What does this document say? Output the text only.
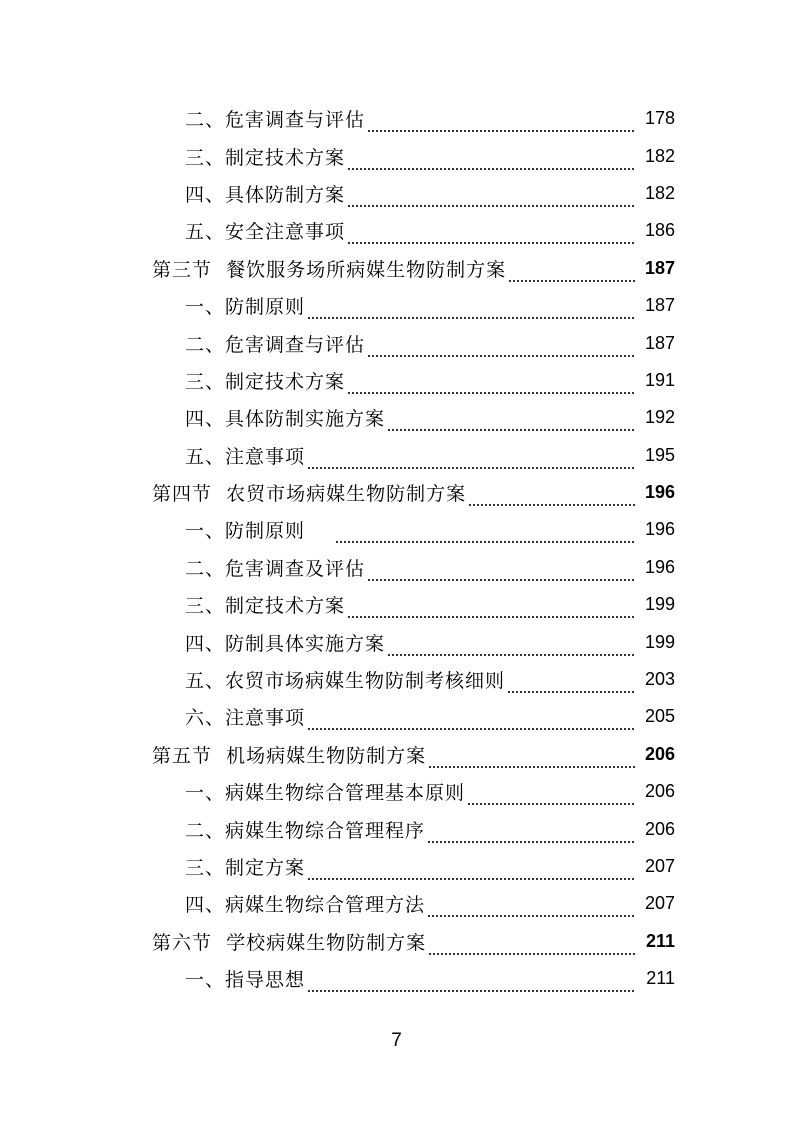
二、危害调查与评估	178
三、制定技术方案	182
四、具体防制方案	182
五、安全注意事项	186
第三节  餐饮服务场所病媒生物防制方案	187
一、防制原则	187
二、危害调查与评估	187
三、制定技术方案	191
四、具体防制实施方案	192
五、注意事项	195
第四节  农贸市场病媒生物防制方案	196
一、防制原则	196
二、危害调查及评估	196
三、制定技术方案	199
四、防制具体实施方案	199
五、农贸市场病媒生物防制考核细则	203
六、注意事项	205
第五节  机场病媒生物防制方案	206
一、病媒生物综合管理基本原则	206
二、病媒生物综合管理程序	206
三、制定方案	207
四、病媒生物综合管理方法	207
第六节  学校病媒生物防制方案	211
一、指导思想	211
7
